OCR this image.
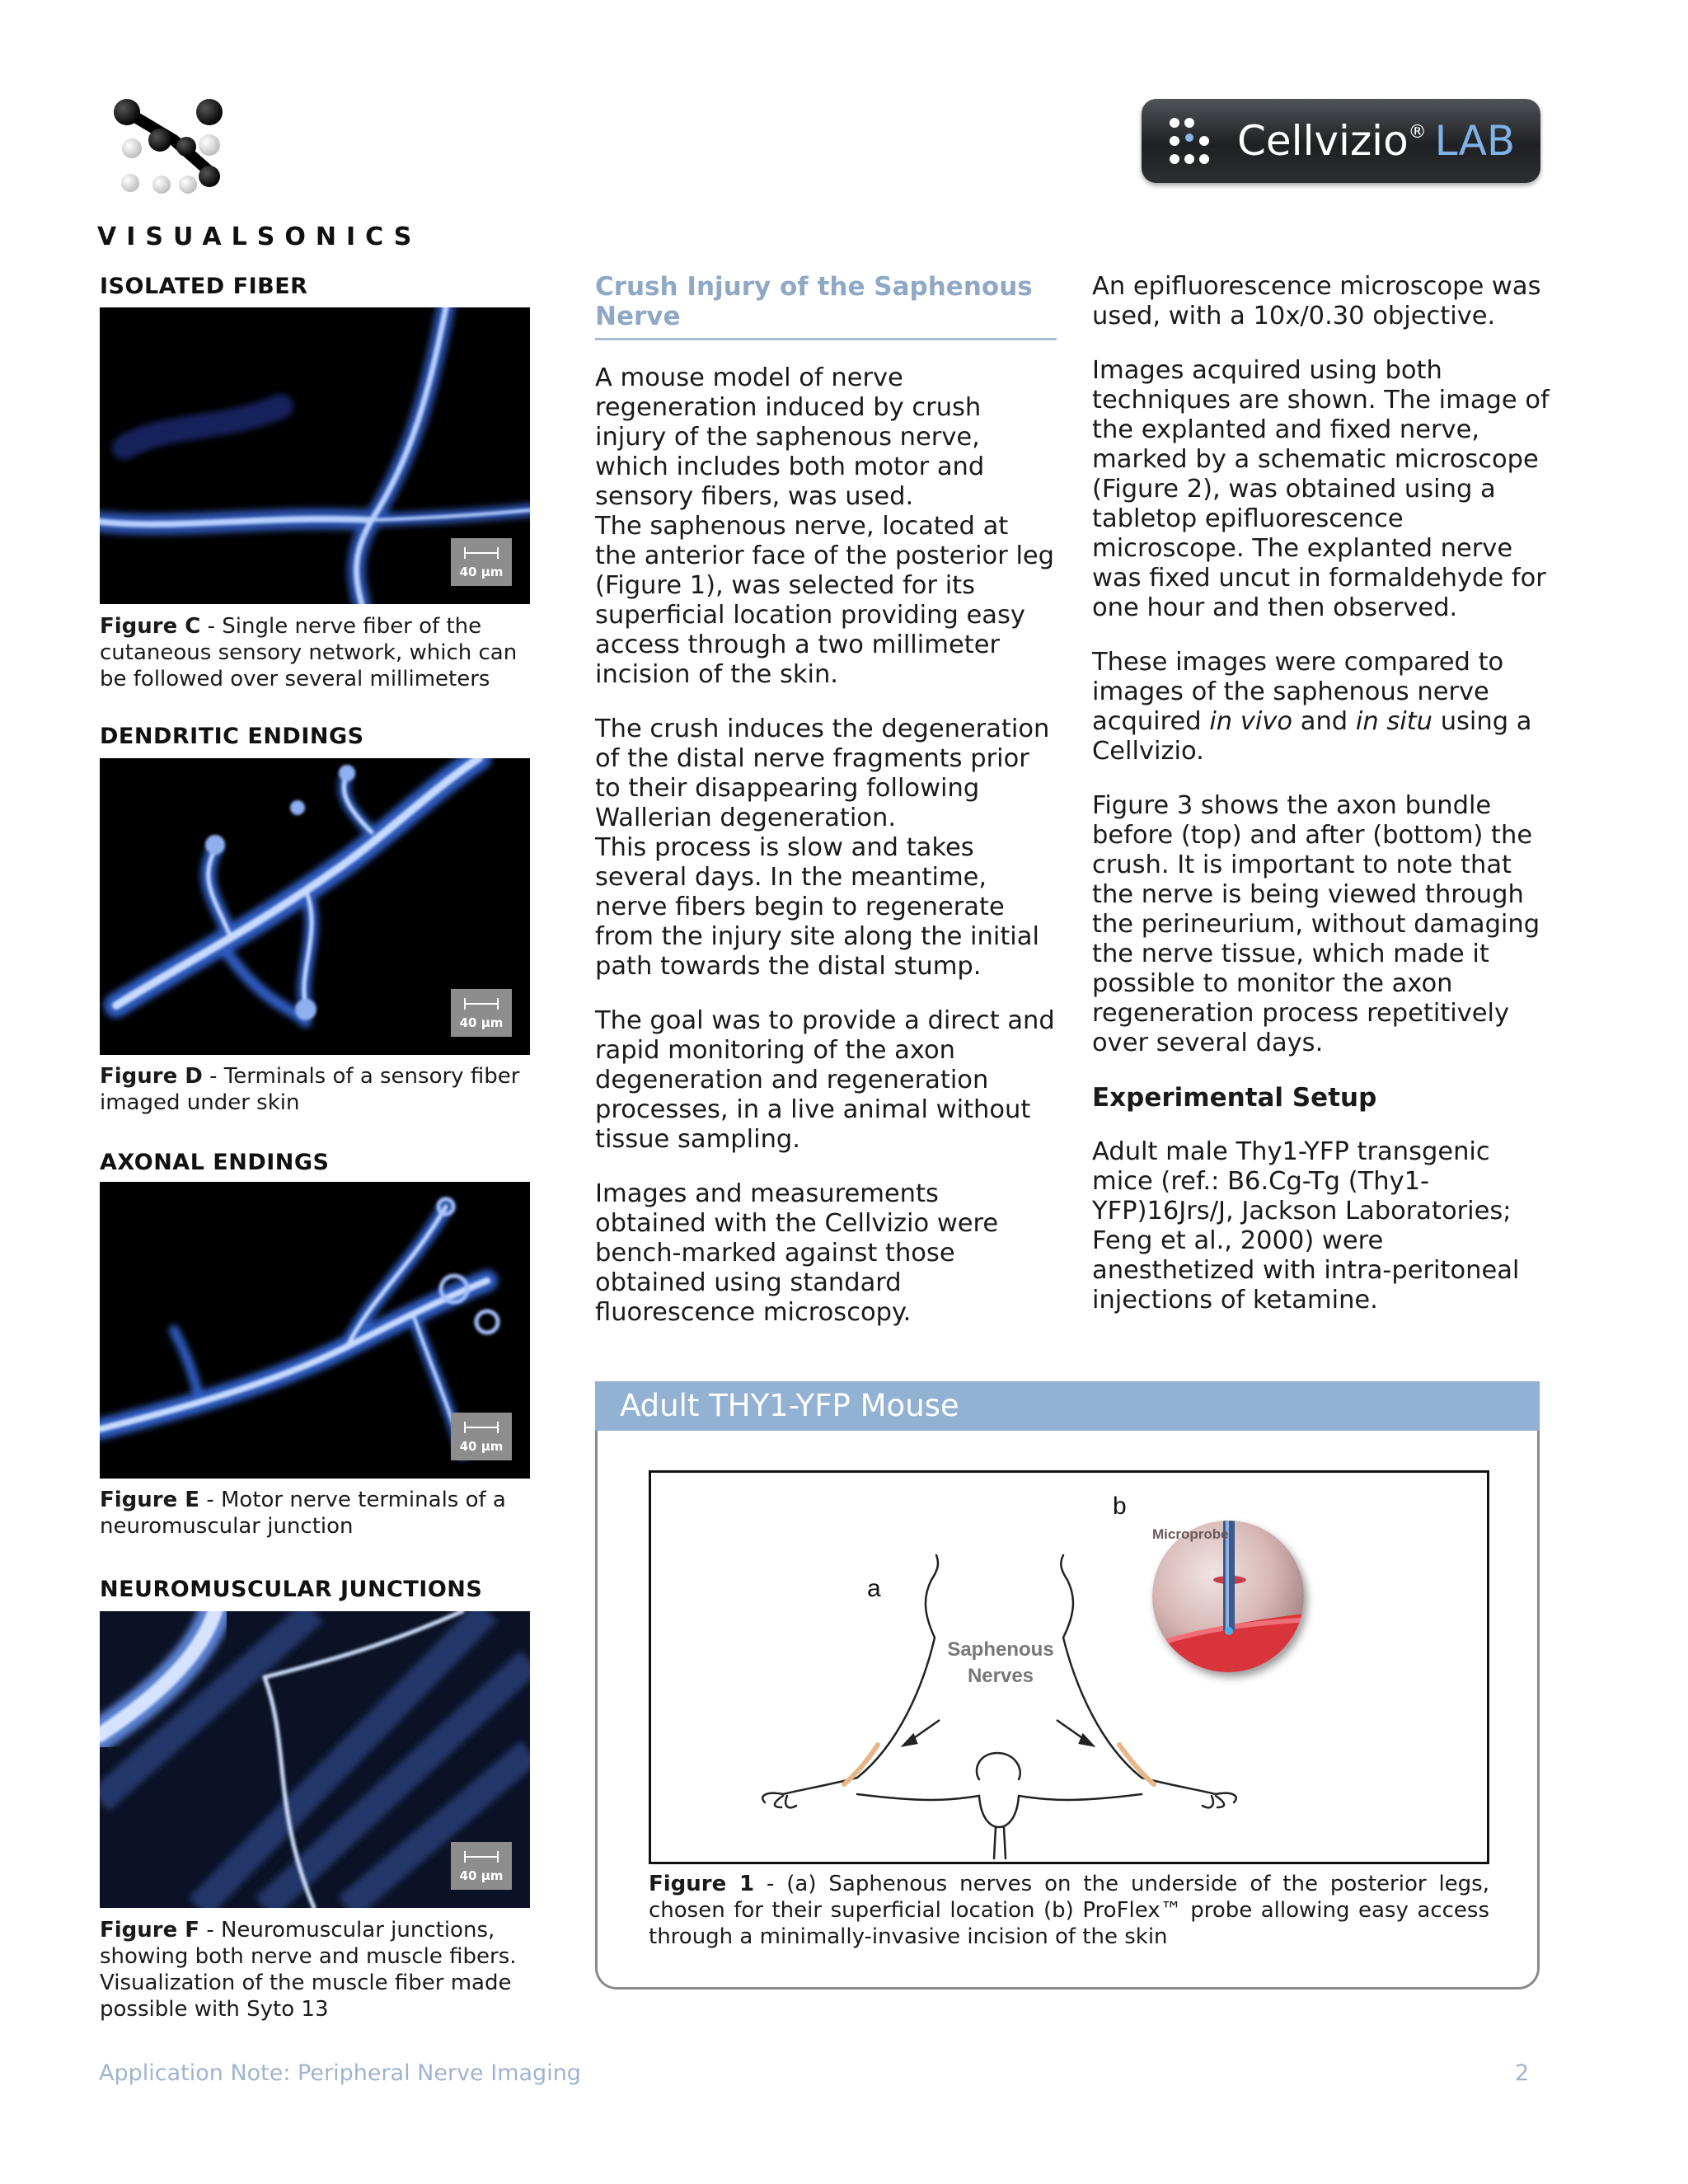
VISUALSONICS
Cellvizio® LAB
ISOLATED FIBER
40 µm
Figure C - Single nerve fiber of the cutaneous sensory network, which can be followed over several millimeters
DENDRITIC ENDINGS
40 µm
Figure D - Terminals of a sensory fiber imaged under skin
AXONAL ENDINGS
40 µm
Figure E - Motor nerve terminals of a neuromuscular junction
NEUROMUSCULAR JUNCTIONS
40 µm
Figure F - Neuromuscular junctions, showing both nerve and muscle fibers. Visualization of the muscle fiber made possible with Syto 13
Crush Injury of the Saphenous Nerve

A mouse model of nerve regeneration induced by crush injury of the saphenous nerve, which includes both motor and sensory fibers, was used.
The saphenous nerve, located at the anterior face of the posterior leg (Figure 1), was selected for its superficial location providing easy access through a two millimeter incision of the skin.

The crush induces the degeneration of the distal nerve fragments prior to their disappearing following Wallerian degeneration.
This process is slow and takes several days. In the meantime, nerve fibers begin to regenerate from the injury site along the initial path towards the distal stump.

The goal was to provide a direct and rapid monitoring of the axon degeneration and regeneration processes, in a live animal without tissue sampling.

Images and measurements obtained with the Cellvizio were bench-marked against those obtained using standard fluorescence microscopy.

An epifluorescence microscope was used, with a 10x/0.30 objective.

Images acquired using both techniques are shown. The image of the explanted and fixed nerve, marked by a schematic microscope (Figure 2), was obtained using a tabletop epifluorescence microscope. The explanted nerve was fixed uncut in formaldehyde for one hour and then observed.

These images were compared to images of the saphenous nerve acquired in vivo and in situ using a Cellvizio.

Figure 3 shows the axon bundle before (top) and after (bottom) the crush. It is important to note that the nerve is being viewed through the perineurium, without damaging the nerve tissue, which made it possible to monitor the axon regeneration process repetitively over several days.

Experimental Setup

Adult male Thy1-YFP transgenic mice (ref.: B6.Cg-Tg (Thy1-YFP)16Jrs/J, Jackson Laboratories; Feng et al., 2000) were anesthetized with intra-peritoneal injections of ketamine.

Adult THY1-YFP Mouse
a
b
Saphenous
Nerves
Microprobe
Figure 1 - (a) Saphenous nerves on the underside of the posterior legs, chosen for their superficial location (b) ProFlex™ probe allowing easy access through a minimally-invasive incision of the skin
Application Note: Peripheral Nerve Imaging	2
